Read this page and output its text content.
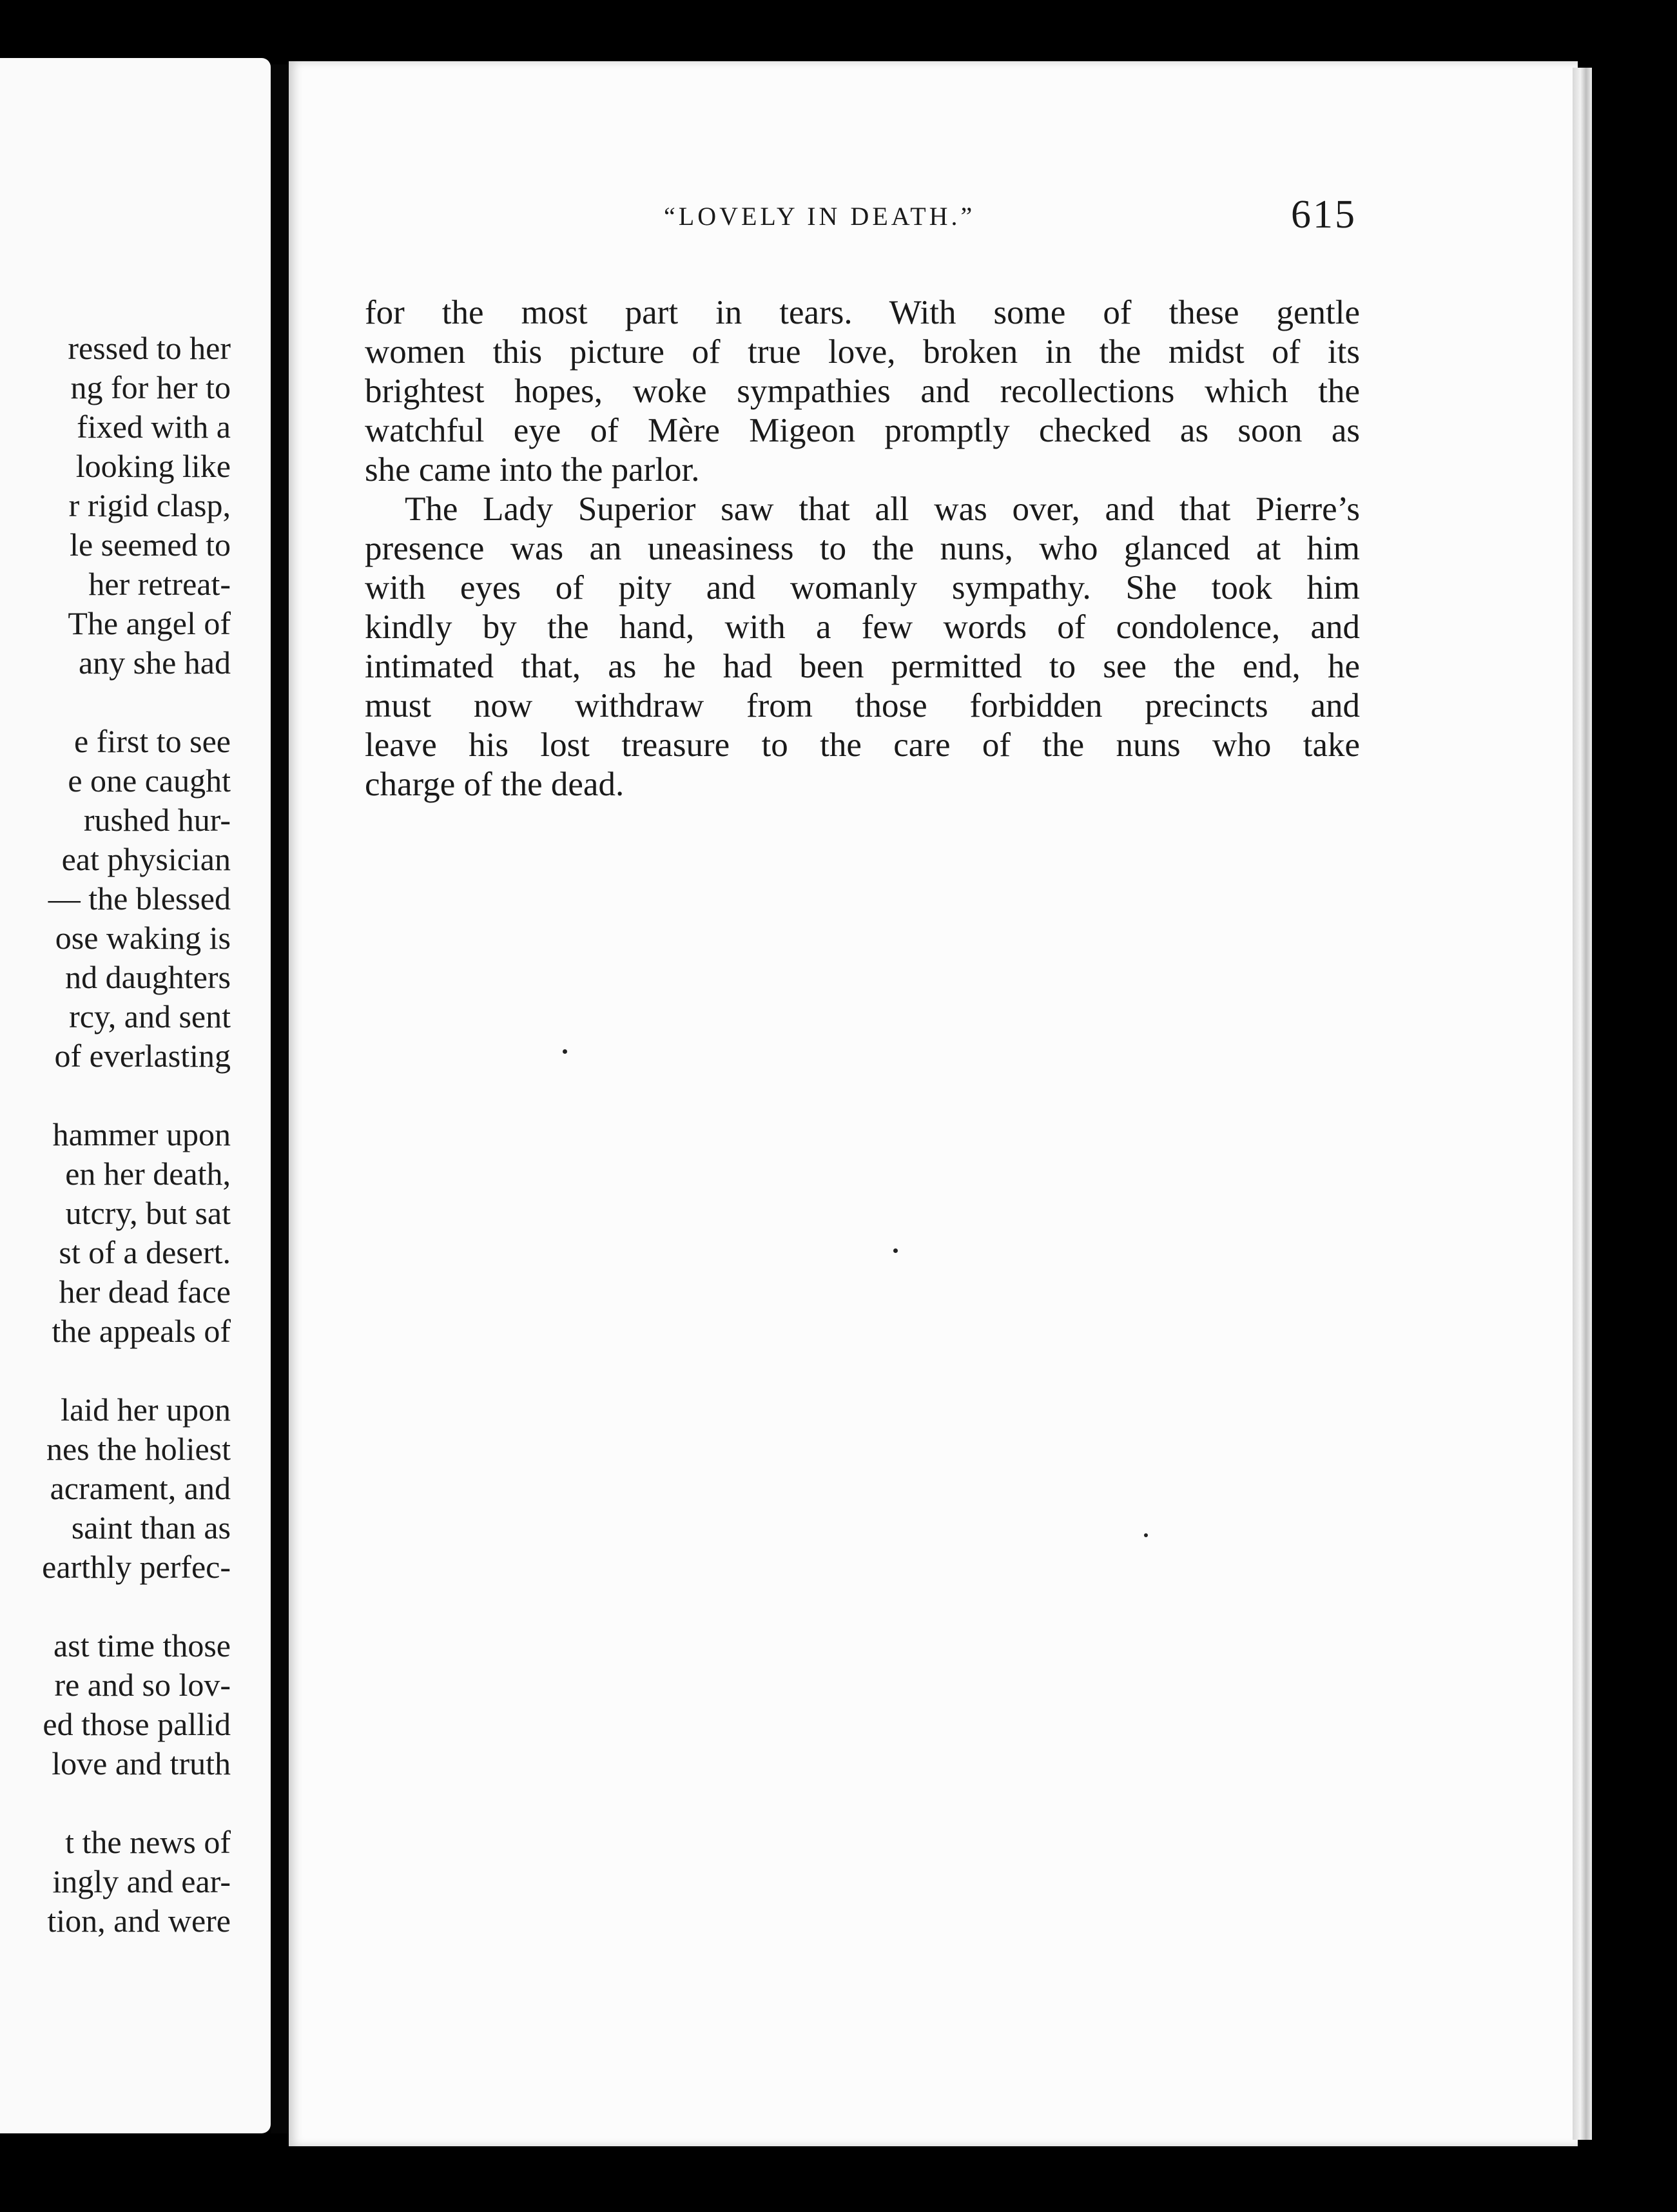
ressed to her
ng for her to
fixed with a
looking like
r rigid clasp,
le seemed to
her retreat-
The angel of
any she had
e first to see
e one caught
rushed hur-
eat physician
— the blessed
ose waking is
nd daughters
rcy, and sent
of everlasting
hammer upon
en her death,
utcry, but sat
st of a desert.
her dead face
the appeals of
laid her upon
nes the holiest
acrament, and
saint than as
earthly perfec-
ast time those
re and so lov-
ed those pallid
love and truth
t the news of
ingly and ear-
tion, and were
“LOVELY IN DEATH.”	615

for the most part in tears. With some of these gentle
women this picture of true love, broken in the midst of its
brightest hopes, woke sympathies and recollections which the
watchful eye of Mère Migeon promptly checked as soon as
she came into the parlor.

The Lady Superior saw that all was over, and that Pierre’s
presence was an uneasiness to the nuns, who glanced at him
with eyes of pity and womanly sympathy. She took him
kindly by the hand, with a few words of condolence, and
intimated that, as he had been permitted to see the end, he
must now withdraw from those forbidden precincts and
leave his lost treasure to the care of the nuns who take
charge of the dead.
